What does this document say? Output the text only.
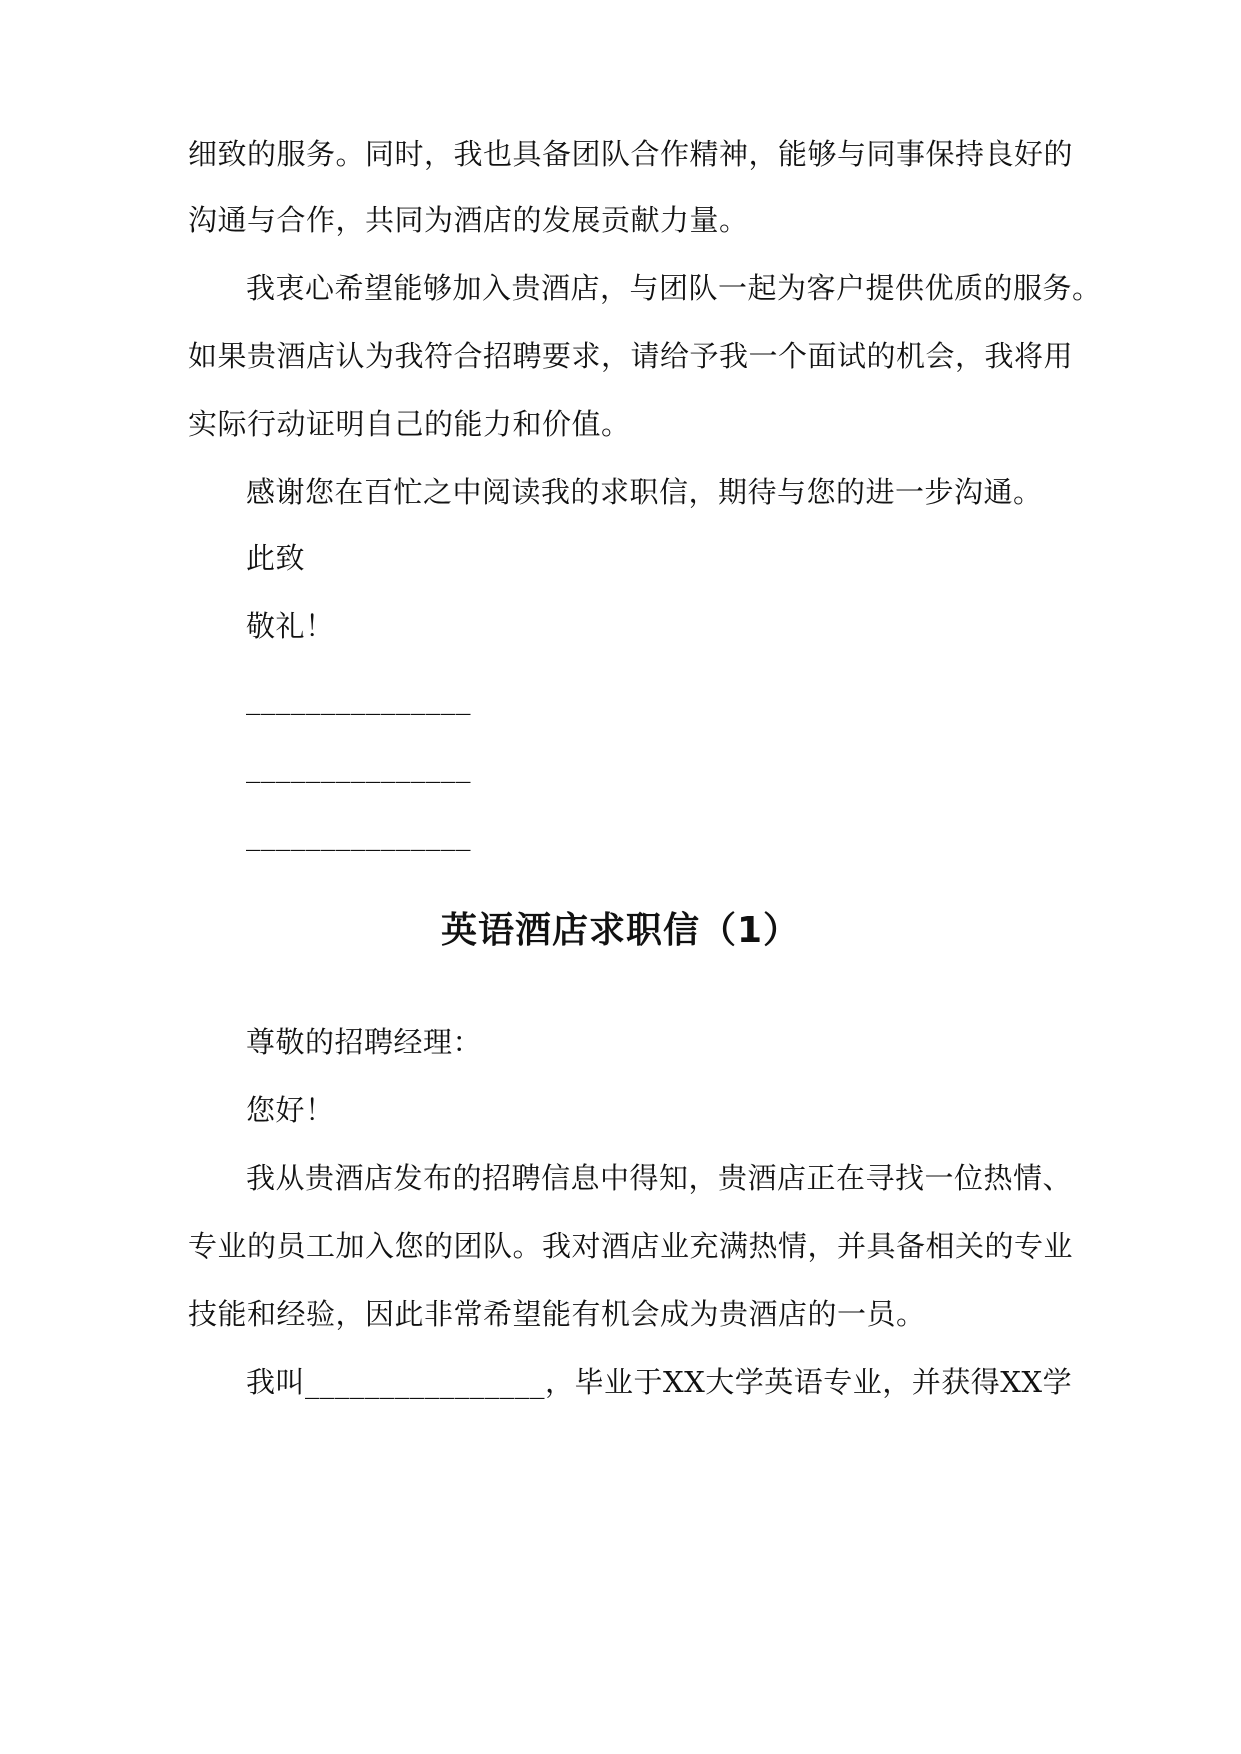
细致的服务。同时，我也具备团队合作精神，能够与同事保持良好的
沟通与合作，共同为酒店的发展贡献力量。
我衷心希望能够加入贵酒店，与团队一起为客户提供优质的服务。
如果贵酒店认为我符合招聘要求，请给予我一个面试的机会，我将用
实际行动证明自己的能力和价值。
感谢您在百忙之中阅读我的求职信，期待与您的进一步沟通。
此致
敬礼！
_______________
_______________
_______________
英语酒店求职信（1）
尊敬的招聘经理：
您好！
我从贵酒店发布的招聘信息中得知，贵酒店正在寻找一位热情、
专业的员工加入您的团队。我对酒店业充满热情，并具备相关的专业
技能和经验，因此非常希望能有机会成为贵酒店的一员。
我叫________________，毕业于XX大学英语专业，并获得XX学
